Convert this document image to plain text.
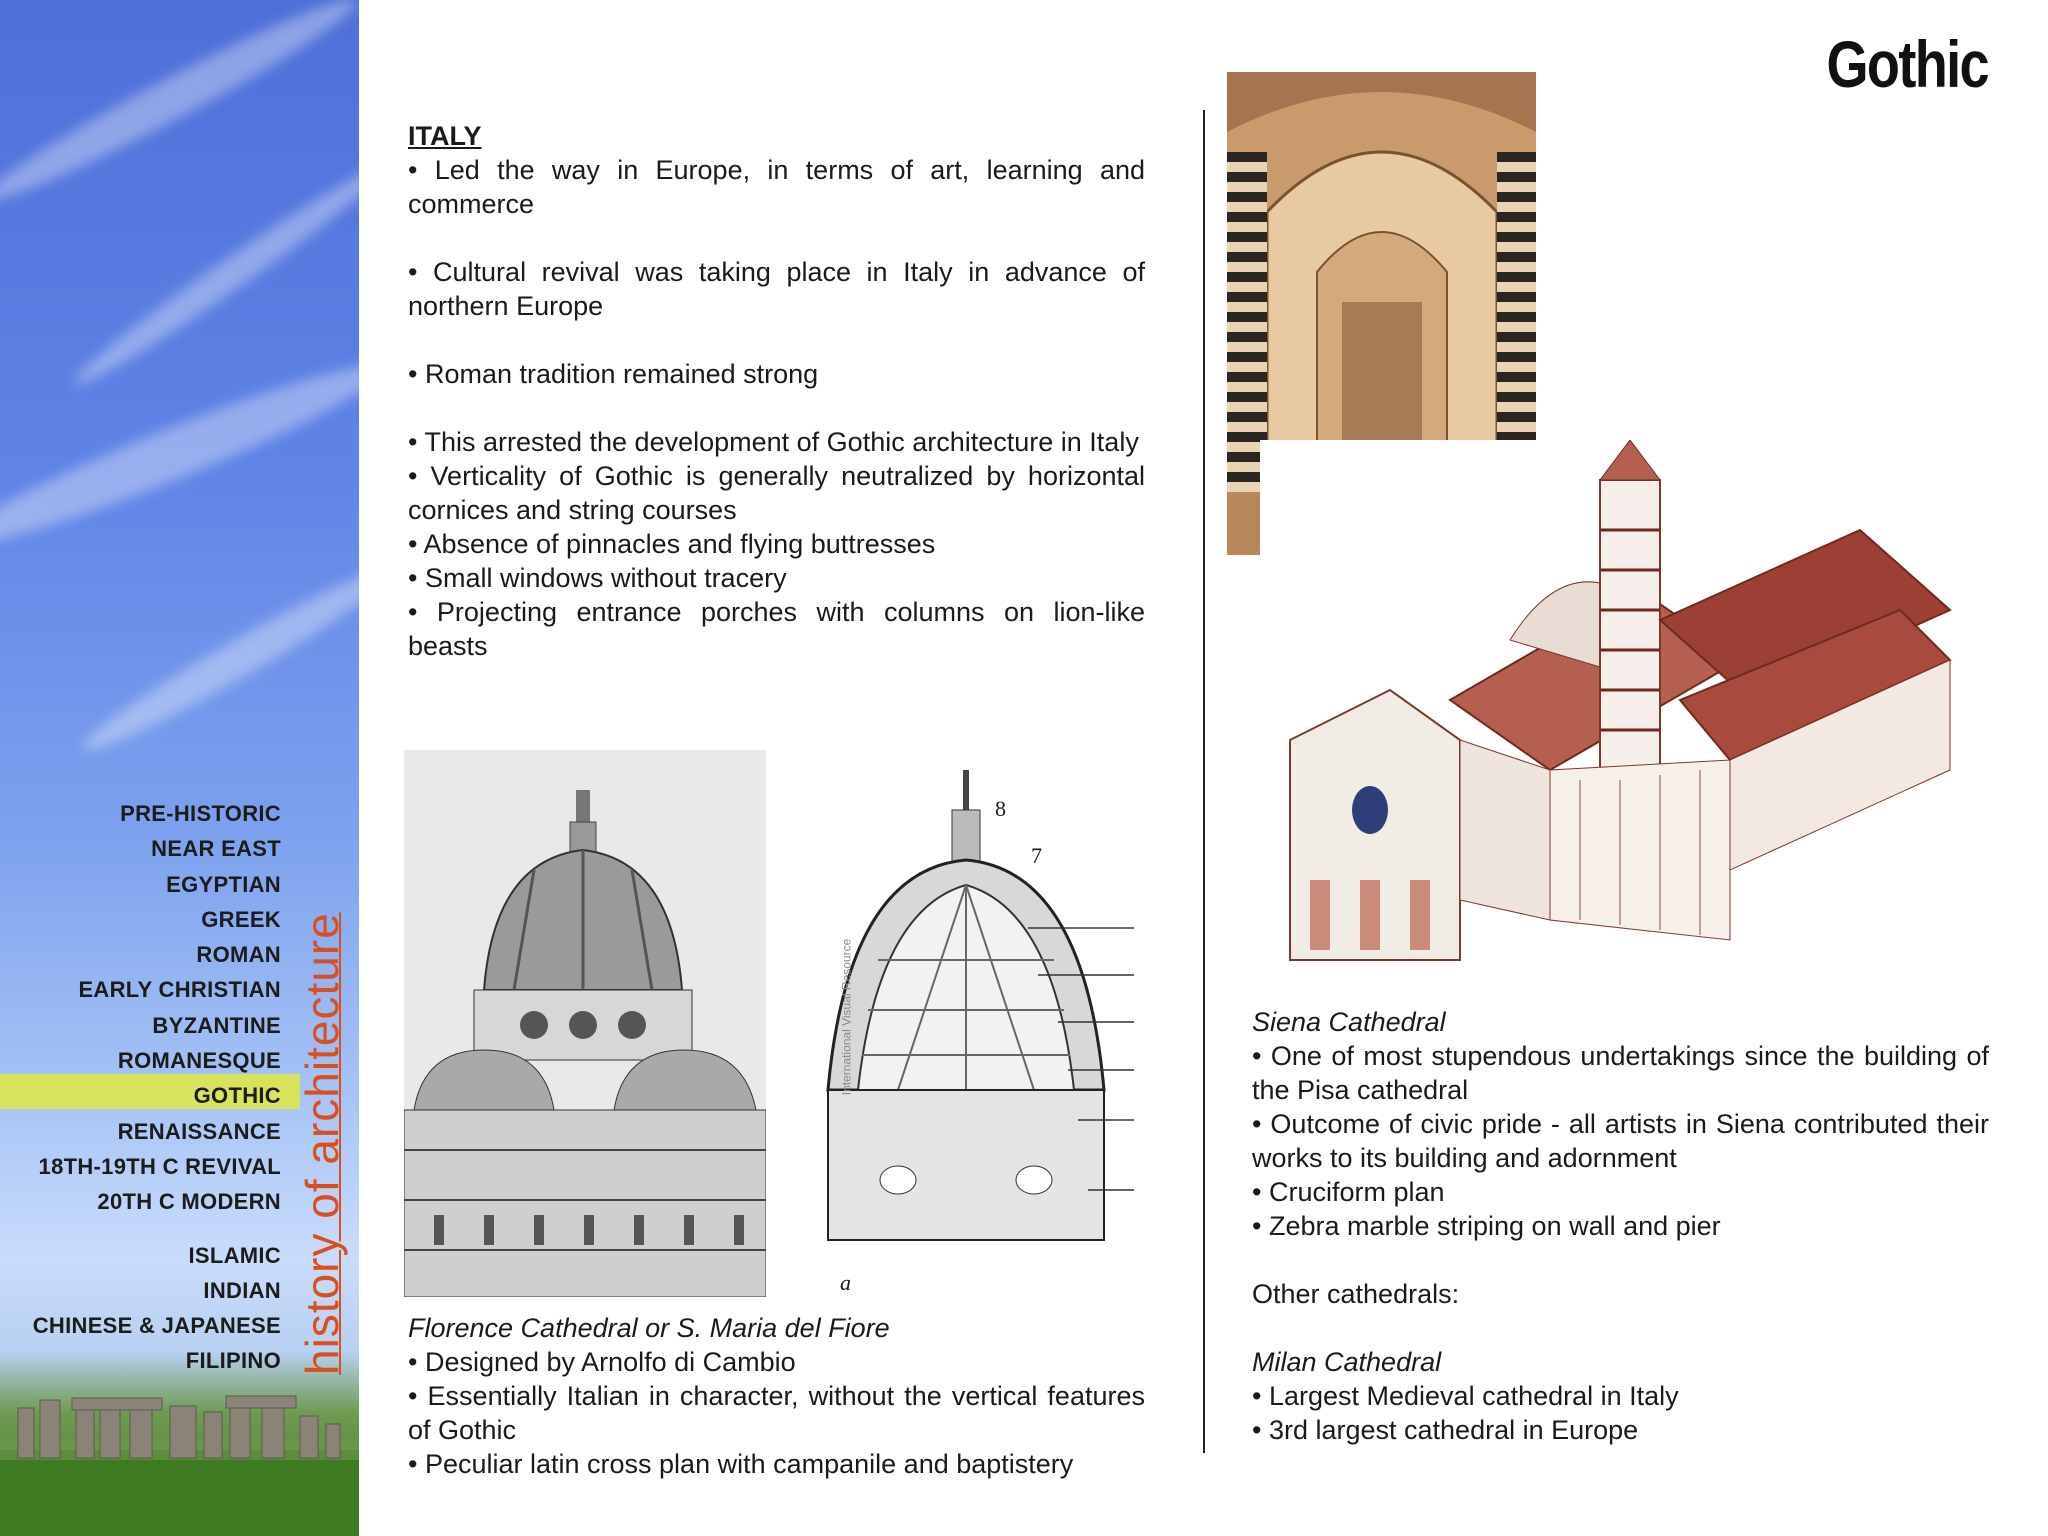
PRE-HISTORIC
NEAR EAST
EGYPTIAN
GREEK
ROMAN
EARLY CHRISTIAN
BYZANTINE
ROMANESQUE
GOTHIC
RENAISSANCE
18TH-19TH C REVIVAL
20TH C MODERN
ISLAMIC
INDIAN
CHINESE & JAPANESE
FILIPINO history of architecture
Gothic

ITALY

• Led the way in Europe, in terms of art, learning and commerce

• Cultural revival was taking place in Italy in advance of northern Europe

• Roman tradition remained strong

• This arrested the development of Gothic architecture in Italy

• Verticality of Gothic is generally neutralized by horizontal cornices and string courses

• Absence of pinnacles and flying buttresses

• Small windows without tracery

• Projecting entrance porches with columns on lion-like beasts

8
7
a
International Visual Resource

Florence Cathedral or S. Maria del Fiore

• Designed by Arnolfo di Cambio

• Essentially Italian in character, without the vertical features of Gothic

• Peculiar latin cross plan with campanile and baptistery

Siena Cathedral

• One of most stupendous undertakings since the building of the Pisa cathedral

• Outcome of civic pride - all artists in Siena contributed their works to its building and adornment

• Cruciform plan

• Zebra marble striping on wall and pier

Other cathedrals:

Milan Cathedral

• Largest Medieval cathedral in Italy

• 3rd largest cathedral in Europe
